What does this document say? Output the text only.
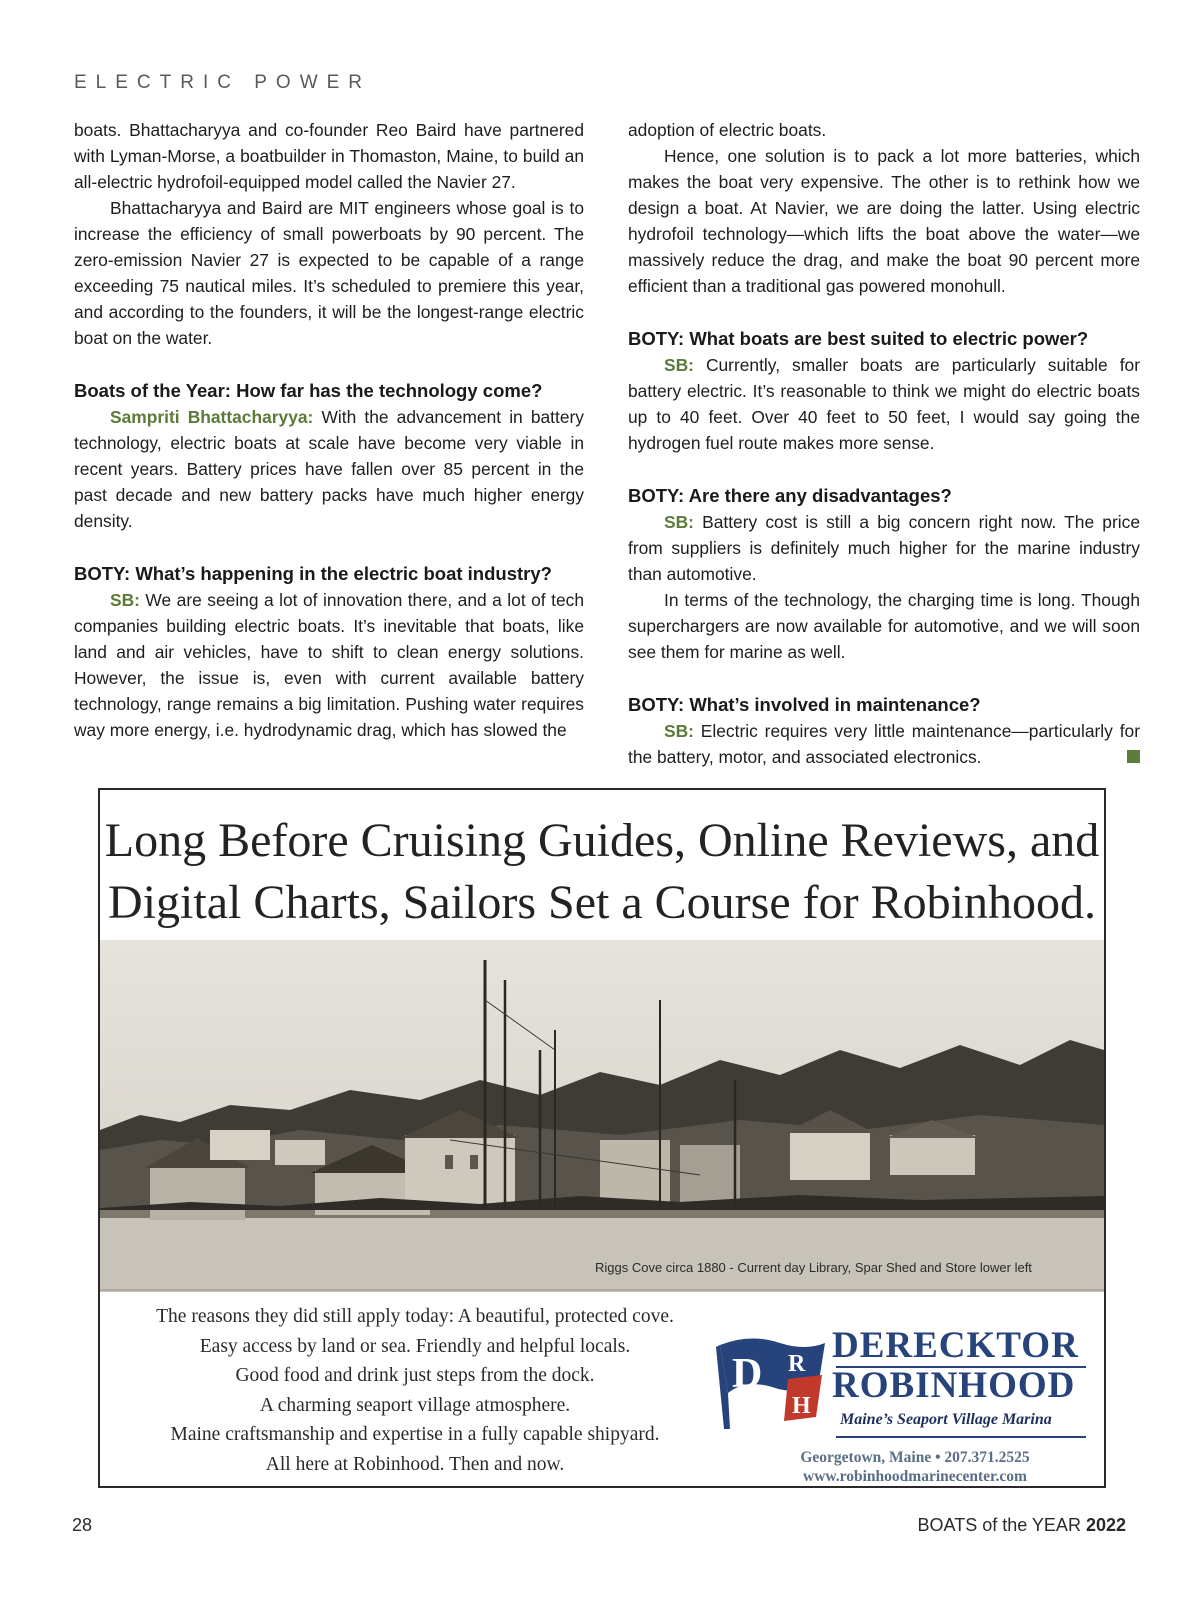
ELECTRIC POWER

boats. Bhattacharyya and co-founder Reo Baird have partnered with Lyman-Morse, a boatbuilder in Thomaston, Maine, to build an all-electric hydrofoil-equipped model called the Navier 27.

Bhattacharyya and Baird are MIT engineers whose goal is to increase the efficiency of small powerboats by 90 percent. The zero-emission Navier 27 is expected to be capable of a range exceeding 75 nautical miles. It’s scheduled to premiere this year, and according to the founders, it will be the longest-range electric boat on the water.

Boats of the Year: How far has the technology come?

Sampriti Bhattacharyya: With the advancement in battery technology, electric boats at scale have become very viable in recent years. Battery prices have fallen over 85 percent in the past decade and new battery packs have much higher energy density.

BOTY: What’s happening in the electric boat industry?

SB: We are seeing a lot of innovation there, and a lot of tech companies building electric boats. It’s inevitable that boats, like land and air vehicles, have to shift to clean energy solutions. However, the issue is, even with current available battery technology, range remains a big limitation. Pushing water requires way more energy, i.e. hydrodynamic drag, which has slowed the

adoption of electric boats.

Hence, one solution is to pack a lot more batteries, which makes the boat very expensive. The other is to rethink how we design a boat. At Navier, we are doing the latter. Using electric hydrofoil technology—which lifts the boat above the water—we massively reduce the drag, and make the boat 90 percent more efficient than a traditional gas powered monohull.

BOTY: What boats are best suited to electric power?

SB: Currently, smaller boats are particularly suitable for battery electric. It’s reasonable to think we might do electric boats up to 40 feet. Over 40 feet to 50 feet, I would say going the hydrogen fuel route makes more sense.

BOTY: Are there any disadvantages?

SB: Battery cost is still a big concern right now. The price from suppliers is definitely much higher for the marine industry than automotive.

In terms of the technology, the charging time is long. Though superchargers are now available for automotive, and we will soon see them for marine as well.

BOTY: What’s involved in maintenance?

SB: Electric requires very little maintenance—particularly for the battery, motor, and associated electronics.

Long Before Cruising Guides, Online Reviews, and
Digital Charts, Sailors Set a Course for Robinhood.
Riggs Cove circa 1880 - Current day Library, Spar Shed and Store lower left
The reasons they did still apply today: A beautiful, protected cove.
Easy access by land or sea. Friendly and helpful locals.
Good food and drink just steps from the dock.
A charming seaport village atmosphere.
Maine craftsmanship and expertise in a fully capable shipyard.
All here at Robinhood. Then and now.
D R
H
DERECKTOR
ROBINHOOD
Maine’s Seaport Village Marina
Georgetown, Maine • 207.371.2525
www.robinhoodmarinecenter.com
28	BOATS of the YEAR 2022
